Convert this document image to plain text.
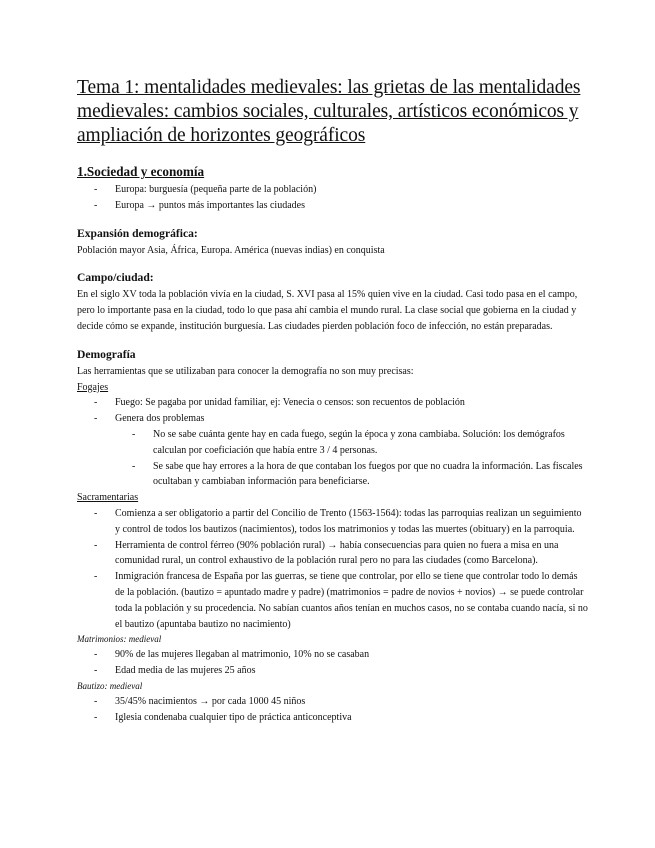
Tema 1: mentalidades medievales: las grietas de las mentalidades medievales: cambios sociales, culturales, artísticos económicos y ampliación de horizontes geográficos
1.Sociedad y economía
- Europa: burguesía (pequeña parte de la población)
- Europa → puntos más importantes las ciudades
Expansión demográfica:

Población mayor Asia, África, Europa. América (nuevas indias) en conquista

Campo/ciudad:

En el siglo XV toda la población vivía en la ciudad, S. XVI pasa al 15% quien vive en la ciudad. Casi todo pasa en el campo, pero lo importante pasa en la ciudad, todo lo que pasa ahí cambia el mundo rural. La clase social que gobierna en la ciudad y decide cómo se expande, institución burguesía. Las ciudades pierden población foco de infección, no están preparadas.

Demografía

Las herramientas que se utilizaban para conocer la demografía no son muy precisas:

Fogajes

- Fuego: Se pagaba por unidad familiar, ej: Venecia o censos: son recuentos de población
- Genera dos problemas
- No se sabe cuánta gente hay en cada fuego, según la época y zona cambiaba. Solución: los demógrafos calculan por coeficiación que había entre 3 / 4 personas.
- Se sabe que hay errores a la hora de que contaban los fuegos por que no cuadra la información. Las fiscales ocultaban y cambiaban información para beneficiarse.

Sacramentarias

- Comienza a ser obligatorio a partir del Concilio de Trento (1563-1564): todas las parroquias realizan un seguimiento y control de todos los bautizos (nacimientos), todos los matrimonios y todas las muertes (obituary) en la parroquia.
- Herramienta de control férreo (90% población rural) → había consecuencias para quien no fuera a misa en una comunidad rural, un control exhaustivo de la población rural pero no para las ciudades (como Barcelona).
- Inmigración francesa de España por las guerras, se tiene que controlar, por ello se tiene que controlar todo lo demás de la población. (bautizo = apuntado madre y padre) (matrimonios = padre de novios + novios) → se puede controlar toda la población y su procedencia. No sabían cuantos años tenían en muchos casos, no se contaba cuando nacía, si no el bautizo (apuntaba bautizo no nacimiento)

Matrimonios: medieval

- 90% de las mujeres llegaban al matrimonio, 10% no se casaban
- Edad media de las mujeres 25 años

Bautizo: medieval

- 35/45% nacimientos → por cada 1000 45 niños
- Iglesia condenaba cualquier tipo de práctica anticonceptiva
